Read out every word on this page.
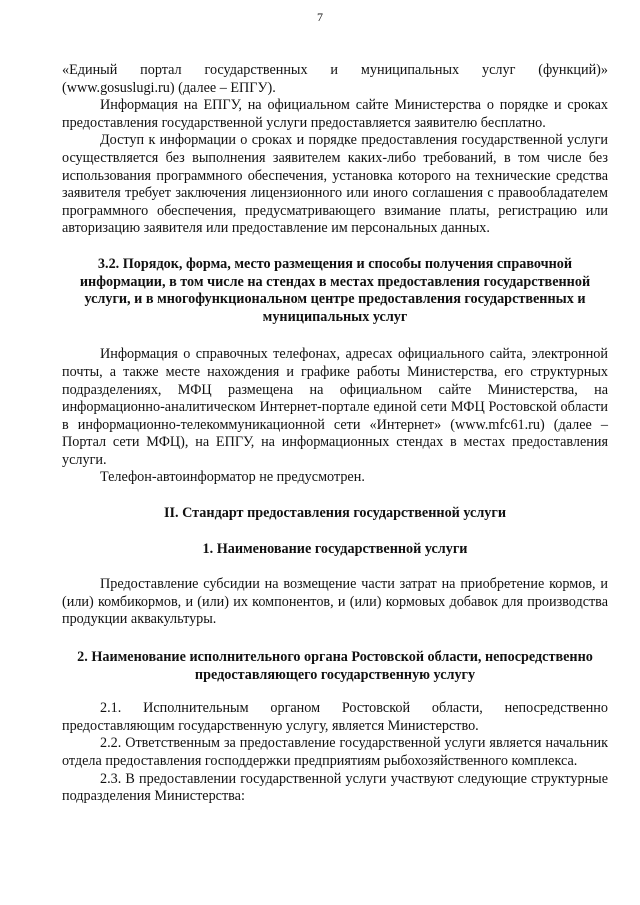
7

«Единый портал государственных и муниципальных услуг (функций)» (www.gosuslugi.ru) (далее – ЕПГУ).

Информация на ЕПГУ, на официальном сайте Министерства о порядке и сроках предоставления государственной услуги предоставляется заявителю бесплатно.

Доступ к информации о сроках и порядке предоставления государственной услуги осуществляется без выполнения заявителем каких-либо требований, в том числе без использования программного обеспечения, установка которого на технические средства заявителя требует заключения лицензионного или иного соглашения с правообладателем программного обеспечения, предусматривающего взимание платы, регистрацию или авторизацию заявителя или предоставление им персональных данных.

3.2. Порядок, форма, место размещения и способы получения справочной информации, в том числе на стендах в местах предоставления государственной услуги, и в многофункциональном центре предоставления государственных и муниципальных услуг

Информация о справочных телефонах, адресах официального сайта, электронной почты, а также месте нахождения и графике работы Министерства, его структурных подразделениях, МФЦ размещена на официальном сайте Министерства, на информационно-аналитическом Интернет-портале единой сети МФЦ Ростовской области в информационно-телекоммуникационной сети «Интернет» (www.mfc61.ru) (далее – Портал сети МФЦ), на ЕПГУ, на информационных стендах в местах предоставления услуги.

Телефон-автоинформатор не предусмотрен.

II. Стандарт предоставления государственной услуги

1. Наименование государственной услуги

Предоставление субсидии на возмещение части затрат на приобретение кормов, и (или) комбикормов, и (или) их компонентов, и (или) кормовых добавок для производства продукции аквакультуры.

2. Наименование исполнительного органа Ростовской области, непосредственно предоставляющего государственную услугу

2.1. Исполнительным органом Ростовской области, непосредственно предоставляющим государственную услугу, является Министерство.

2.2. Ответственным за предоставление государственной услуги является начальник отдела предоставления господдержки предприятиям рыбохозяйственного комплекса.

2.3. В предоставлении государственной услуги участвуют следующие структурные подразделения Министерства:
